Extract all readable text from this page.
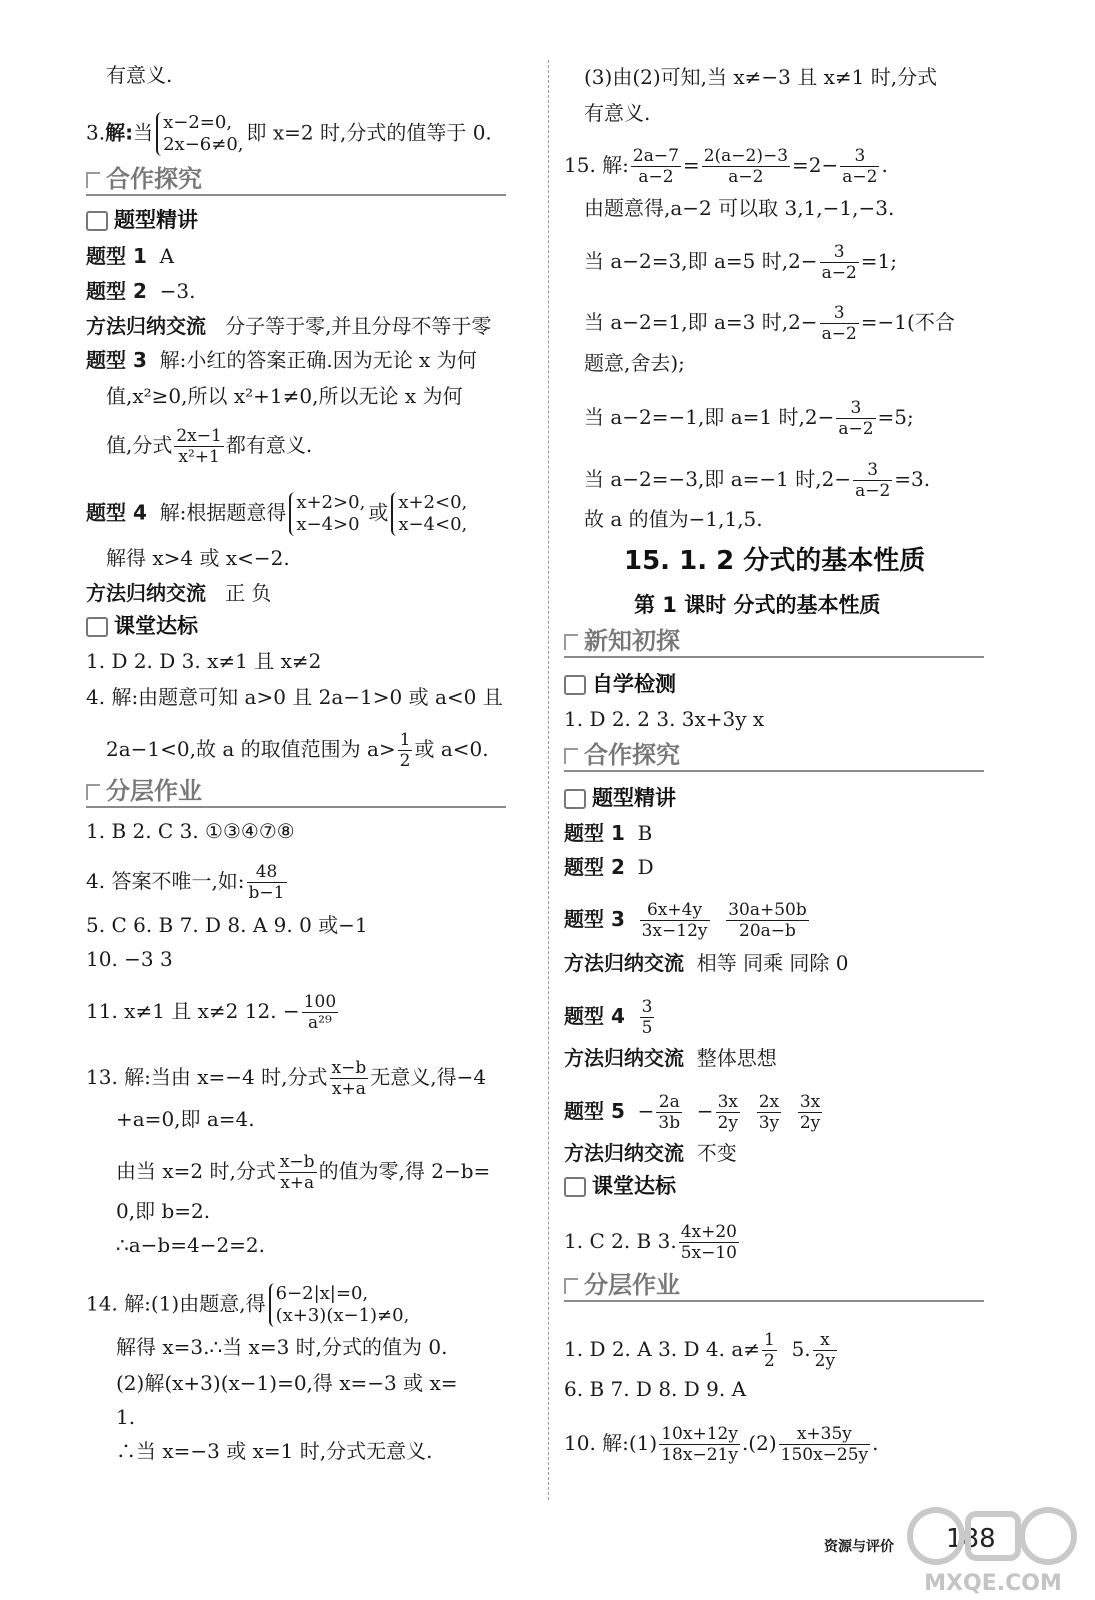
有意义.
3.解:当 x−2=0,
2x−6≠0, 即 x=2 时,分式的值等于 0.
合作探究
题型精讲
题型 1 A
题型 2 −3.
方法归纳交流 分子等于零,并且分母不等于零
题型 3 解:小红的答案正确.因为无论 x 为何
值,x²≥0,所以 x²+1≠0,所以无论 x 为何
值,分式 $\frac{2x-1}{\text{x²+1}}$ 都有意义.
题型 4 解:根据题意得 x+2>0,
x−4>0 或 x+2<0,
x−4<0,
解得 x>4 或 x<−2.
方法归纳交流 正 负
课堂达标
1. D 2. D 3. x≠1 且 x≠2
4. 解:由题意可知 a>0 且 2a−1>0 或 a<0 且
2a−1<0,故 a 的取值范围为 $a> \frac{1}{2}$ 或 a<0.
分层作业
1. B 2. C 3. ①③④⑦⑧
4. 答案不唯一,如: $\frac{48}{b-1}$
5. C 6. B 7. D 8. A 9. 0 或−1
10. −3 3
11. x≠1 且 x≠2 12. − $\frac{100}{\text{a²⁹}}$
13. 解:当由 x=−4 时,分式 $\frac{x-b}{x+a}$ 无意义,得−4
+a=0,即 a=4.
由当 x=2 时,分式 $\frac{x-b}{x+a}$ 的值为零,得 2−b=
0,即 b=2.
∴a−b=4−2=2.
14. 解:(1)由题意,得 6−2|x|=0,
(x+3)(x−1)≠0,
解得 x=3.∴当 x=3 时,分式的值为 0.
(2)解(x+3)(x−1)=0,得 x=−3 或 x=
1.
∴当 x=−3 或 x=1 时,分式无意义.
(3)由(2)可知,当 x≠−3 且 x≠1 时,分式
有意义.
15. 解: $\frac{2a-7}{a-2} = \frac{2(a-2)-3}{a-2} =2- \frac{3}{a-2}$ .
由题意得,a−2 可以取 3,1,−1,−3.
当 a−2=3,即 a=5 时$,2- \frac{3}{a-2} =1$;
当 a−2=1,即 a=3 时$,2- \frac{3}{a-2} =-1$(不合
题意,舍去);
当 a−2=−1,即 a=1 时$,2- \frac{3}{a-2} =5$;
当 a−2=−3,即 a=−1 时$,2- \frac{3}{a-2} =3$.
故 a 的值为−1,1,5.
15. 1. 2 分式的基本性质
第 1 课时 分式的基本性质
新知初探
自学检测
1. D 2. 2 3. 3x+3y x
合作探究
题型精讲
题型 1 B
题型 2 D
题型 $3 \frac{6x+4y}{3x-12y}$
$\frac{30a+50b}{20a-b}$
方法归纳交流 相等 同乘 同除 0
题型 $4 \frac{3}{5}$
方法归纳交流 整体思想
题型 $5 - \frac{2a}{3b} - \frac{3x}{2y}$
$\frac{2x}{3y}$
$\frac{3x}{2y}$
方法归纳交流 不变
课堂达标
1. C 2. B 3. $\frac{4x+20}{5x-10}$
分层作业
1. D 2. A 3. D 4. $a\ne \frac{1}{2} 5$. $\frac{x}{2y}$
6. B 7. D 8. D 9. A
10. 解:(1) $\frac{10x+12y}{18x-21y} .(2) \frac{x+35y}{150x-25y}$ .
资源与评价 188
MXQE.COM
